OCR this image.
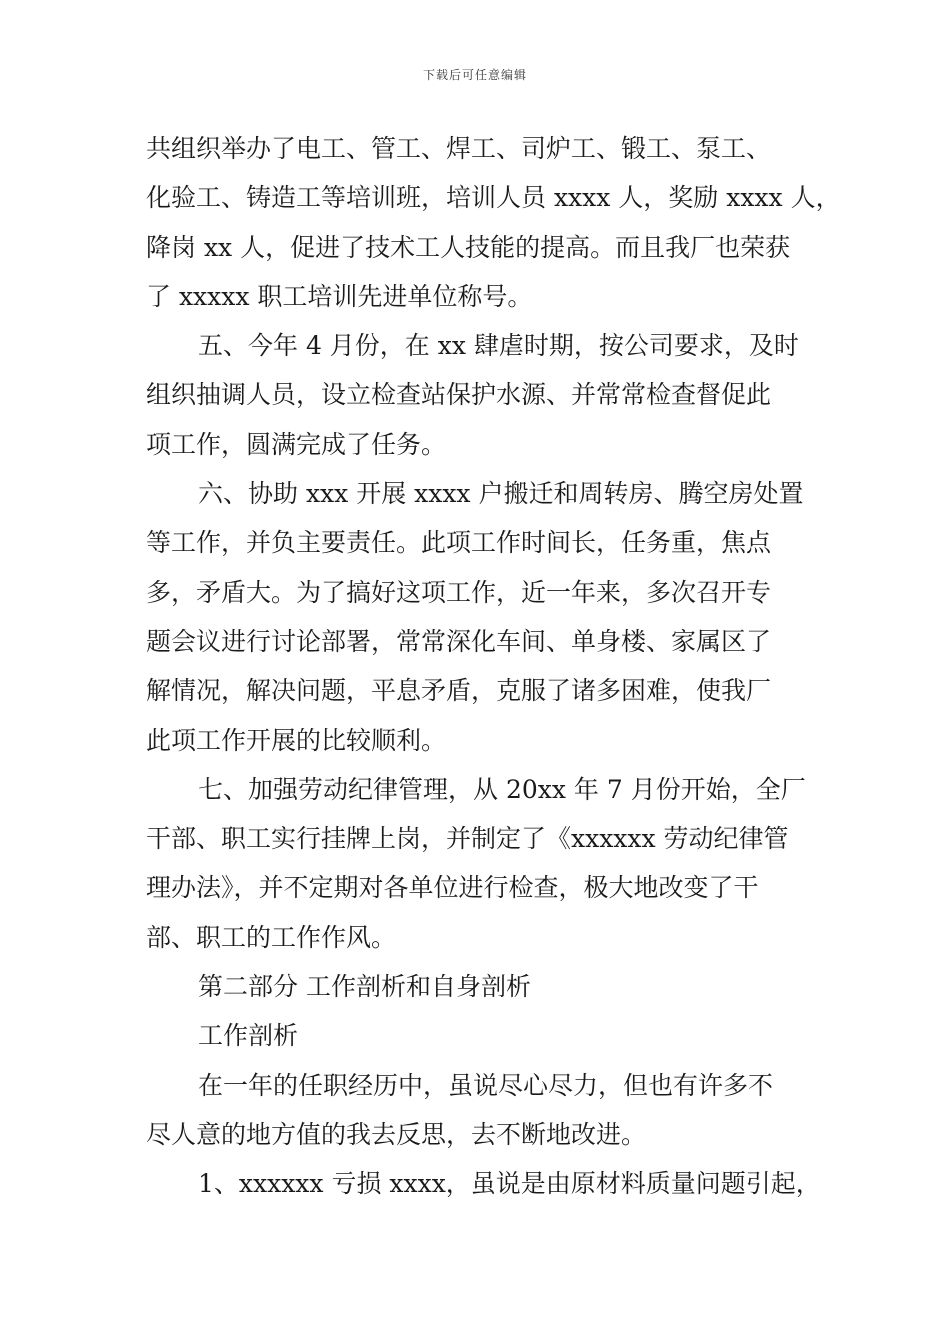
下载后可任意编辑
共组织举办了电工、管工、焊工、司炉工、锻工、泵工、
化验工、铸造工等培训班，培训人员 xxxx 人，奖励 xxxx 人，
降岗 xx 人，促进了技术工人技能的提高。而且我厂也荣获
了 xxxxx 职工培训先进单位称号。
五、今年 4 月份，在 xx 肆虐时期，按公司要求，及时
组织抽调人员，设立检查站保护水源、并常常检查督促此
项工作，圆满完成了任务。
六、协助 xxx 开展 xxxx 户搬迁和周转房、腾空房处置
等工作，并负主要责任。此项工作时间长，任务重，焦点
多，矛盾大。为了搞好这项工作，近一年来，多次召开专
题会议进行讨论部署，常常深化车间、单身楼、家属区了
解情况，解决问题，平息矛盾，克服了诸多困难，使我厂
此项工作开展的比较顺利。
七、加强劳动纪律管理，从 20xx 年 7 月份开始，全厂
干部、职工实行挂牌上岗，并制定了《xxxxxx 劳动纪律管
理办法》，并不定期对各单位进行检查，极大地改变了干
部、职工的工作作风。
第二部分 工作剖析和自身剖析
工作剖析
在一年的任职经历中，虽说尽心尽力，但也有许多不
尽人意的地方值的我去反思，去不断地改进。
1、xxxxxx 亏损 xxxx，虽说是由原材料质量问题引起，
